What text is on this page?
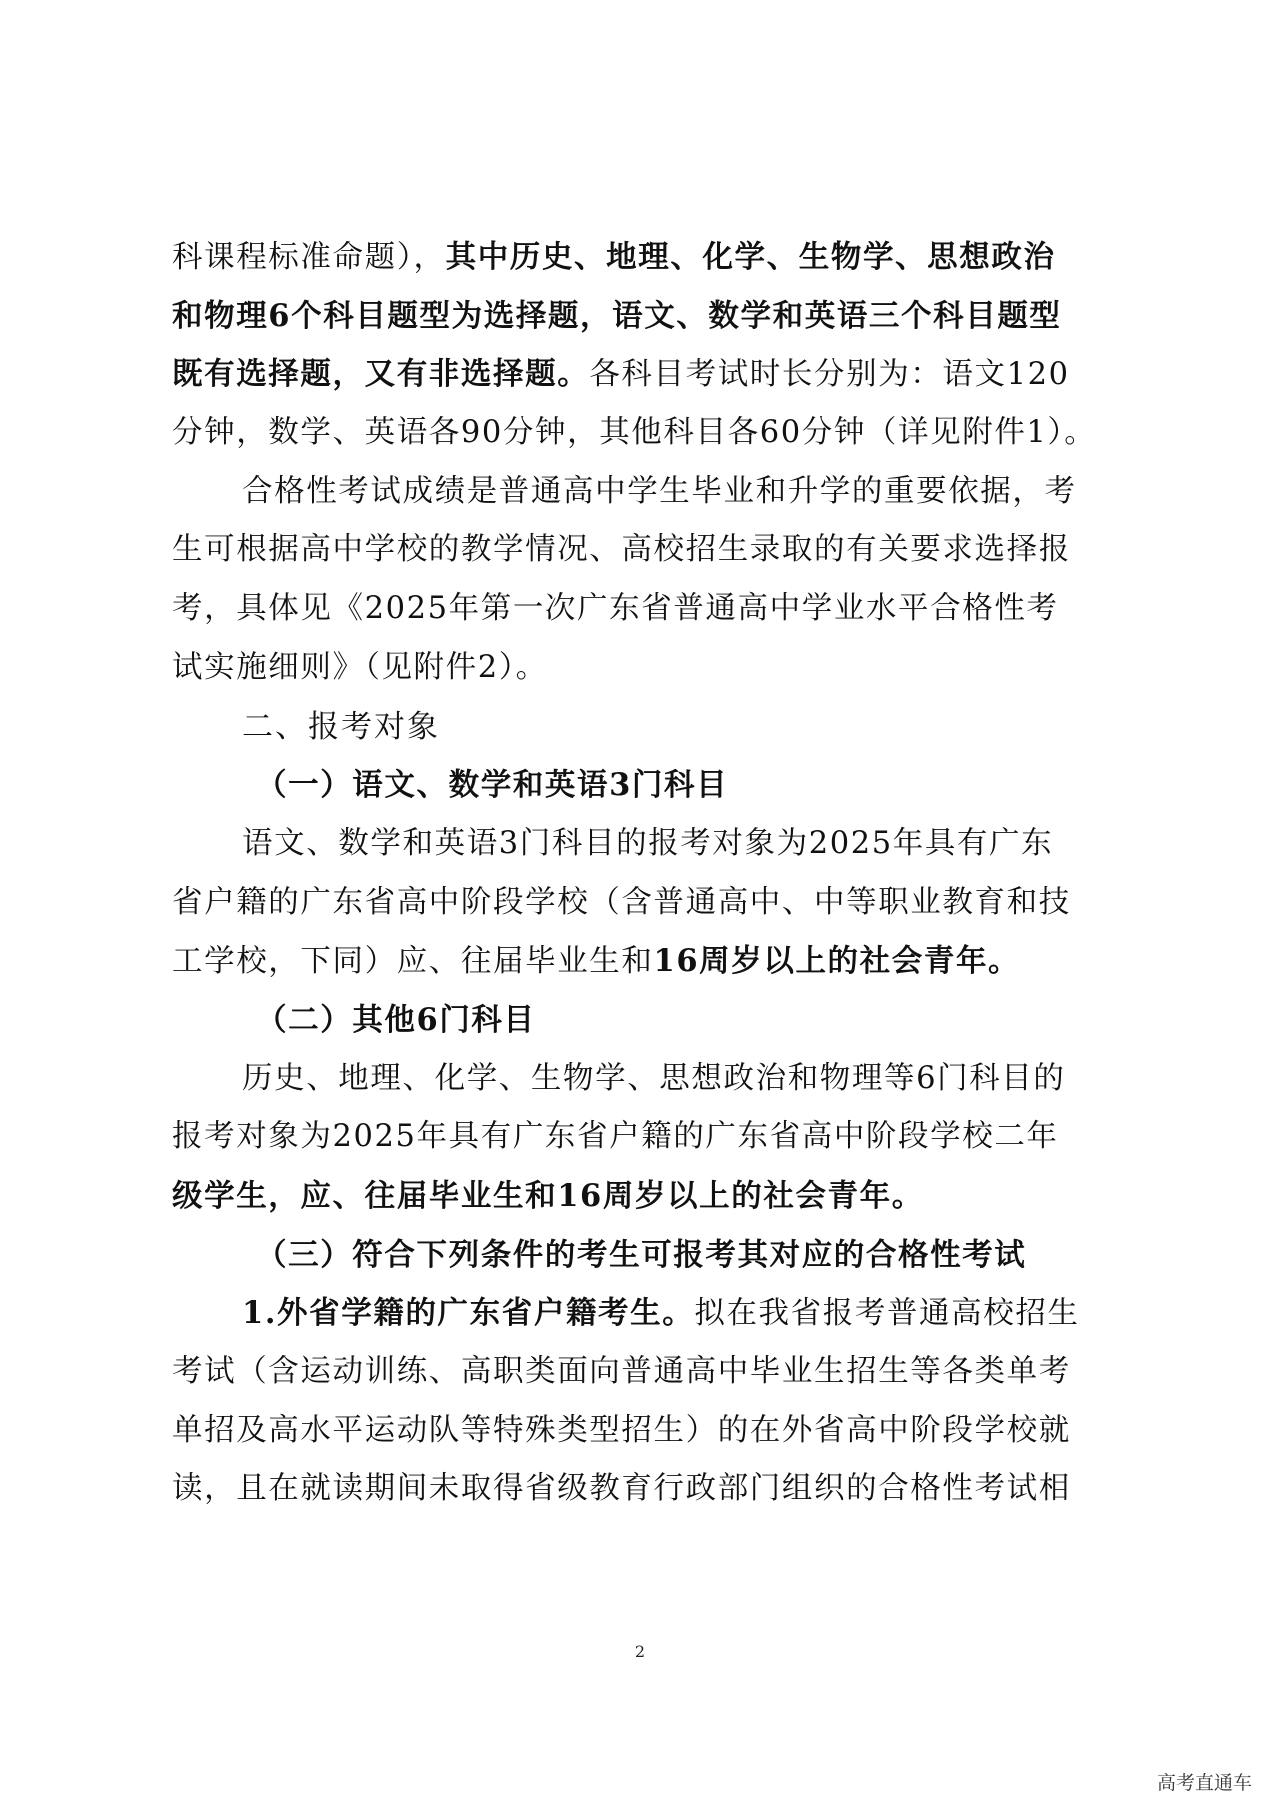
科课程标准命题），其中历史、地理、化学、生物学、思想政治
和物理6个科目题型为选择题，语文、数学和英语三个科目题型
既有选择题，又有非选择题。各科目考试时长分别为：语文120
分钟，数学、英语各90分钟，其他科目各60分钟（详见附件1）。
合格性考试成绩是普通高中学生毕业和升学的重要依据，考
生可根据高中学校的教学情况、高校招生录取的有关要求选择报
考，具体见《2025年第一次广东省普通高中学业水平合格性考
试实施细则》（见附件2）。
二、报考对象
（一）语文、数学和英语3门科目
语文、数学和英语3门科目的报考对象为2025年具有广东
省户籍的广东省高中阶段学校（含普通高中、中等职业教育和技
工学校，下同）应、往届毕业生和16周岁以上的社会青年。
（二）其他6门科目
历史、地理、化学、生物学、思想政治和物理等6门科目的
报考对象为2025年具有广东省户籍的广东省高中阶段学校二年
级学生，应、往届毕业生和16周岁以上的社会青年。
（三）符合下列条件的考生可报考其对应的合格性考试
1.外省学籍的广东省户籍考生。拟在我省报考普通高校招生
考试（含运动训练、高职类面向普通高中毕业生招生等各类单考
单招及高水平运动队等特殊类型招生）的在外省高中阶段学校就
读，且在就读期间未取得省级教育行政部门组织的合格性考试相
2
高考直通车
